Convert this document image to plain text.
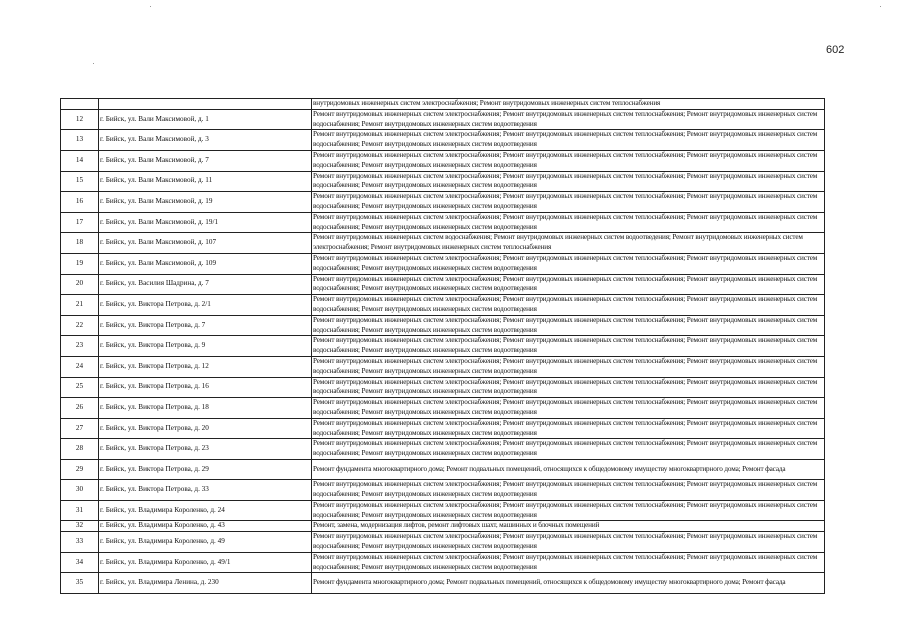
602
		внутридомовых инженерных систем электроснабжения; Ремонт внутридомовых инженерных систем теплоснабжения
12	г. Бийск, ул. Вали Максимовой, д. 1	Ремонт внутридомовых инженерных систем электроснабжения; Ремонт внутридомовых инженерных систем теплоснабжения; Ремонт внутридомовых инженерных систем водоснабжения; Ремонт внутридомовых инженерных систем водоотведения
13	г. Бийск, ул. Вали Максимовой, д. 3	Ремонт внутридомовых инженерных систем электроснабжения; Ремонт внутридомовых инженерных систем теплоснабжения; Ремонт внутридомовых инженерных систем водоснабжения; Ремонт внутридомовых инженерных систем водоотведения
14	г. Бийск, ул. Вали Максимовой, д. 7	Ремонт внутридомовых инженерных систем электроснабжения; Ремонт внутридомовых инженерных систем теплоснабжения; Ремонт внутридомовых инженерных систем водоснабжения; Ремонт внутридомовых инженерных систем водоотведения
15	г. Бийск, ул. Вали Максимовой, д. 11	Ремонт внутридомовых инженерных систем электроснабжения; Ремонт внутридомовых инженерных систем теплоснабжения; Ремонт внутридомовых инженерных систем водоснабжения; Ремонт внутридомовых инженерных систем водоотведения
16	г. Бийск, ул. Вали Максимовой, д. 19	Ремонт внутридомовых инженерных систем электроснабжения; Ремонт внутридомовых инженерных систем теплоснабжения; Ремонт внутридомовых инженерных систем водоснабжения; Ремонт внутридомовых инженерных систем водоотведения
17	г. Бийск, ул. Вали Максимовой, д. 19/1	Ремонт внутридомовых инженерных систем электроснабжения; Ремонт внутридомовых инженерных систем теплоснабжения; Ремонт внутридомовых инженерных систем водоснабжения; Ремонт внутридомовых инженерных систем водоотведения
18	г. Бийск, ул. Вали Максимовой, д. 107	Ремонт внутридомовых инженерных систем водоснабжения; Ремонт внутридомовых инженерных систем водоотведения; Ремонт внутридомовых инженерных систем электроснабжения; Ремонт внутридомовых инженерных систем теплоснабжения
19	г. Бийск, ул. Вали Максимовой, д. 109	Ремонт внутридомовых инженерных систем электроснабжения; Ремонт внутридомовых инженерных систем теплоснабжения; Ремонт внутридомовых инженерных систем водоснабжения; Ремонт внутридомовых инженерных систем водоотведения
20	г. Бийск, ул. Василия Шадрина, д. 7	Ремонт внутридомовых инженерных систем электроснабжения; Ремонт внутридомовых инженерных систем теплоснабжения; Ремонт внутридомовых инженерных систем водоснабжения; Ремонт внутридомовых инженерных систем водоотведения
21	г. Бийск, ул. Виктора Петрова, д. 2/1	Ремонт внутридомовых инженерных систем электроснабжения; Ремонт внутридомовых инженерных систем теплоснабжения; Ремонт внутридомовых инженерных систем водоснабжения; Ремонт внутридомовых инженерных систем водоотведения
22	г. Бийск, ул. Виктора Петрова, д. 7	Ремонт внутридомовых инженерных систем электроснабжения; Ремонт внутридомовых инженерных систем теплоснабжения; Ремонт внутридомовых инженерных систем водоснабжения; Ремонт внутридомовых инженерных систем водоотведения
23	г. Бийск, ул. Виктора Петрова, д. 9	Ремонт внутридомовых инженерных систем электроснабжения; Ремонт внутридомовых инженерных систем теплоснабжения; Ремонт внутридомовых инженерных систем водоснабжения; Ремонт внутридомовых инженерных систем водоотведения
24	г. Бийск, ул. Виктора Петрова, д. 12	Ремонт внутридомовых инженерных систем электроснабжения; Ремонт внутридомовых инженерных систем теплоснабжения; Ремонт внутридомовых инженерных систем водоснабжения; Ремонт внутридомовых инженерных систем водоотведения
25	г. Бийск, ул. Виктора Петрова, д. 16	Ремонт внутридомовых инженерных систем электроснабжения; Ремонт внутридомовых инженерных систем теплоснабжения; Ремонт внутридомовых инженерных систем водоснабжения; Ремонт внутридомовых инженерных систем водоотведения
26	г. Бийск, ул. Виктора Петрова, д. 18	Ремонт внутридомовых инженерных систем электроснабжения; Ремонт внутридомовых инженерных систем теплоснабжения; Ремонт внутридомовых инженерных систем водоснабжения; Ремонт внутридомовых инженерных систем водоотведения
27	г. Бийск, ул. Виктора Петрова, д. 20	Ремонт внутридомовых инженерных систем электроснабжения; Ремонт внутридомовых инженерных систем теплоснабжения; Ремонт внутридомовых инженерных систем водоснабжения; Ремонт внутридомовых инженерных систем водоотведения
28	г. Бийск, ул. Виктора Петрова, д. 23	Ремонт внутридомовых инженерных систем электроснабжения; Ремонт внутридомовых инженерных систем теплоснабжения; Ремонт внутридомовых инженерных систем водоснабжения; Ремонт внутридомовых инженерных систем водоотведения
29	г. Бийск, ул. Виктора Петрова, д. 29	Ремонт фундамента многоквартирного дома; Ремонт подвальных помещений, относящихся к общедомовому имуществу многоквартирного дома; Ремонт фасада
30	г. Бийск, ул. Виктора Петрова, д. 33	Ремонт внутридомовых инженерных систем электроснабжения; Ремонт внутридомовых инженерных систем теплоснабжения; Ремонт внутридомовых инженерных систем водоснабжения; Ремонт внутридомовых инженерных систем водоотведения
31	г. Бийск, ул. Владимира Короленко, д. 24	Ремонт внутридомовых инженерных систем электроснабжения; Ремонт внутридомовых инженерных систем теплоснабжения; Ремонт внутридомовых инженерных систем водоснабжения; Ремонт внутридомовых инженерных систем водоотведения
32	г. Бийск, ул. Владимира Короленко, д. 43	Ремонт, замена, модернизация лифтов, ремонт лифтовых шахт, машинных и блочных помещений
33	г. Бийск, ул. Владимира Короленко, д. 49	Ремонт внутридомовых инженерных систем электроснабжения; Ремонт внутридомовых инженерных систем теплоснабжения; Ремонт внутридомовых инженерных систем водоснабжения; Ремонт внутридомовых инженерных систем водоотведения
34	г. Бийск, ул. Владимира Короленко, д. 49/1	Ремонт внутридомовых инженерных систем электроснабжения; Ремонт внутридомовых инженерных систем теплоснабжения; Ремонт внутридомовых инженерных систем водоснабжения; Ремонт внутридомовых инженерных систем водоотведения
35	г. Бийск, ул. Владимира Ленина, д. 230	Ремонт фундамента многоквартирного дома; Ремонт подвальных помещений, относящихся к общедомовому имуществу многоквартирного дома; Ремонт фасада
